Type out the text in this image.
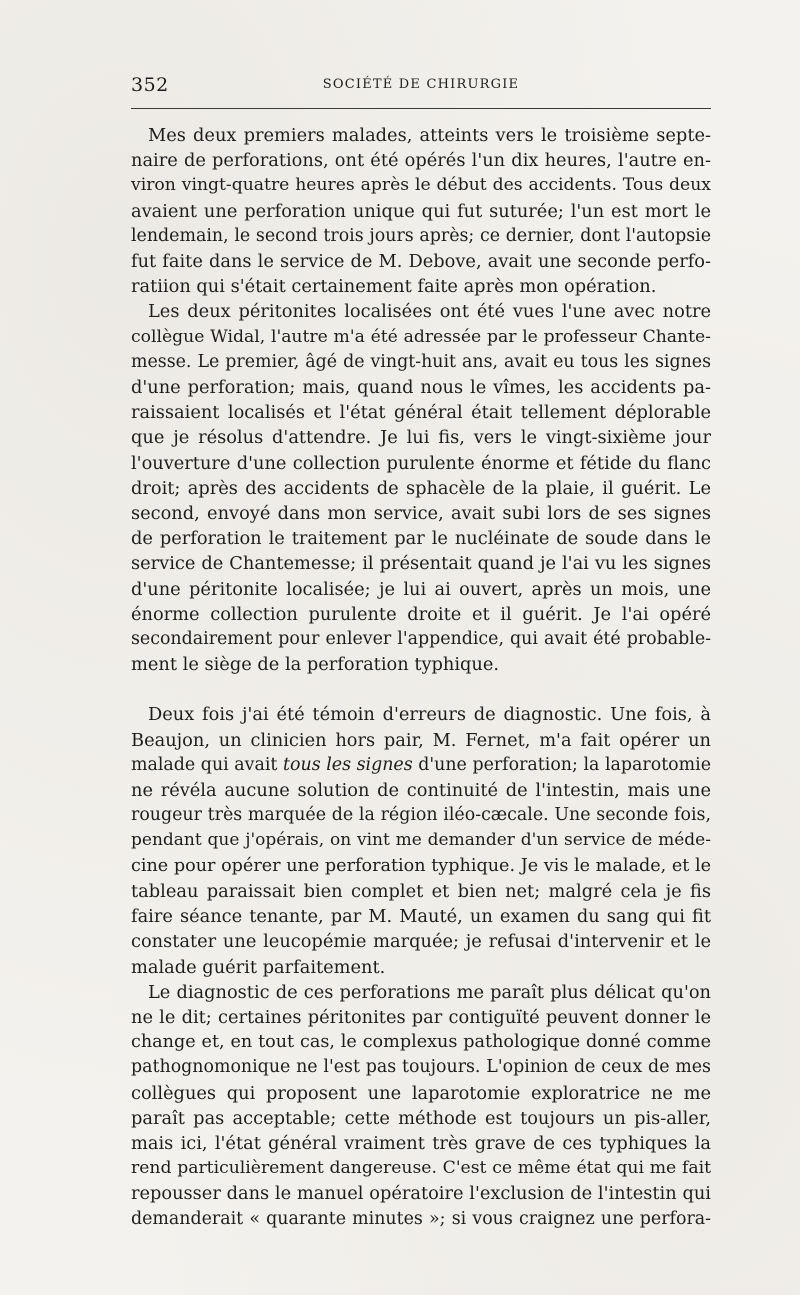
352	SOCIÉTÉ DE CHIRURGIE

Mes deux premiers malades, atteints vers le troisième septe-
naire de perforations, ont été opérés l'un dix heures, l'autre en-
viron vingt-quatre heures après le début des accidents. Tous deux
avaient une perforation unique qui fut suturée; l'un est mort le
lendemain, le second trois jours après; ce dernier, dont l'autopsie
fut faite dans le service de M. Debove, avait une seconde perfo-
ratiion qui s'était certainement faite après mon opération.

Les deux péritonites localisées ont été vues l'une avec notre
collègue Widal, l'autre m'a été adressée par le professeur Chante-
messe. Le premier, âgé de vingt-huit ans, avait eu tous les signes
d'une perforation; mais, quand nous le vîmes, les accidents pa-
raissaient localisés et l'état général était tellement déplorable
que je résolus d'attendre. Je lui fis, vers le vingt-sixième jour
l'ouverture d'une collection purulente énorme et fétide du flanc
droit; après des accidents de sphacèle de la plaie, il guérit. Le
second, envoyé dans mon service, avait subi lors de ses signes
de perforation le traitement par le nucléinate de soude dans le
service de Chantemesse; il présentait quand je l'ai vu les signes
d'une péritonite localisée; je lui ai ouvert, après un mois, une
énorme collection purulente droite et il guérit. Je l'ai opéré
secondairement pour enlever l'appendice, qui avait été probable-
ment le siège de la perforation typhique.

Deux fois j'ai été témoin d'erreurs de diagnostic. Une fois, à
Beaujon, un clinicien hors pair, M. Fernet, m'a fait opérer un
malade qui avait tous les signes d'une perforation; la laparotomie
ne révéla aucune solution de continuité de l'intestin, mais une
rougeur très marquée de la région iléo-cæcale. Une seconde fois,
pendant que j'opérais, on vint me demander d'un service de méde-
cine pour opérer une perforation typhique. Je vis le malade, et le
tableau paraissait bien complet et bien net; malgré cela je fis
faire séance tenante, par M. Mauté, un examen du sang qui fit
constater une leucopémie marquée; je refusai d'intervenir et le
malade guérit parfaitement.

Le diagnostic de ces perforations me paraît plus délicat qu'on
ne le dit; certaines péritonites par contiguïté peuvent donner le
change et, en tout cas, le complexus pathologique donné comme
pathognomonique ne l'est pas toujours. L'opinion de ceux de mes
collègues qui proposent une laparotomie exploratrice ne me
paraît pas acceptable; cette méthode est toujours un pis-aller,
mais ici, l'état général vraiment très grave de ces typhiques la
rend particulièrement dangereuse. C'est ce même état qui me fait
repousser dans le manuel opératoire l'exclusion de l'intestin qui
demanderait « quarante minutes »; si vous craignez une perfora-
